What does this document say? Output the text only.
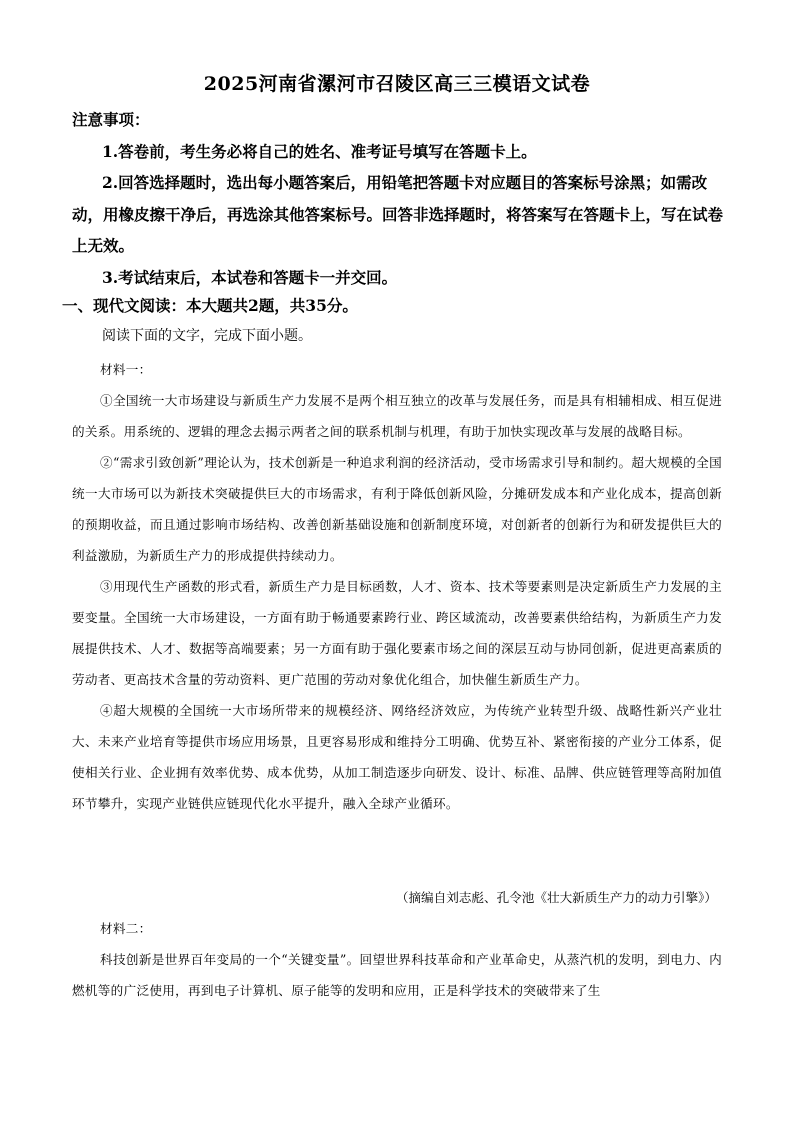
2025河南省漯河市召陵区高三三模语文试卷

注意事项：

1.答卷前，考生务必将自己的姓名、准考证号填写在答题卡上。

2.回答选择题时，选出每小题答案后，用铅笔把答题卡对应题目的答案标号涂黑；如需改动，用橡皮擦干净后，再选涂其他答案标号。回答非选择题时，将答案写在答题卡上，写在试卷上无效。

3.考试结束后，本试卷和答题卡一并交回。

一、现代文阅读：本大题共2题，共35分。
阅读下面的文字，完成下面小题。

材料一：

①全国统一大市场建设与新质生产力发展不是两个相互独立的改革与发展任务，而是具有相辅相成、相互促进的关系。用系统的、逻辑的理念去揭示两者之间的联系机制与机理，有助于加快实现改革与发展的战略目标。

②“需求引致创新”理论认为，技术创新是一种追求利润的经济活动，受市场需求引导和制约。超大规模的全国统一大市场可以为新技术突破提供巨大的市场需求，有利于降低创新风险，分摊研发成本和产业化成本，提高创新的预期收益，而且通过影响市场结构、改善创新基础设施和创新制度环境，对创新者的创新行为和研发提供巨大的利益激励，为新质生产力的形成提供持续动力。

③用现代生产函数的形式看，新质生产力是目标函数，人才、资本、技术等要素则是决定新质生产力发展的主要变量。全国统一大市场建设，一方面有助于畅通要素跨行业、跨区域流动，改善要素供给结构，为新质生产力发展提供技术、人才、数据等高端要素；另一方面有助于强化要素市场之间的深层互动与协同创新，促进更高素质的劳动者、更高技术含量的劳动资料、更广范围的劳动对象优化组合，加快催生新质生产力。

④超大规模的全国统一大市场所带来的规模经济、网络经济效应，为传统产业转型升级、战略性新兴产业壮大、未来产业培育等提供市场应用场景，且更容易形成和维持分工明确、优势互补、紧密衔接的产业分工体系，促使相关行业、企业拥有效率优势、成本优势，从加工制造逐步向研发、设计、标准、品牌、供应链管理等高附加值环节攀升，实现产业链供应链现代化水平提升，融入全球产业循环。

（摘编自刘志彪、孔令池《壮大新质生产力的动力引擎》）

材料二：

科技创新是世界百年变局的一个“关键变量”。回望世界科技革命和产业革命史，从蒸汽机的发明，到电力、内燃机等的广泛使用，再到电子计算机、原子能等的发明和应用，正是科学技术的突破带来了生
